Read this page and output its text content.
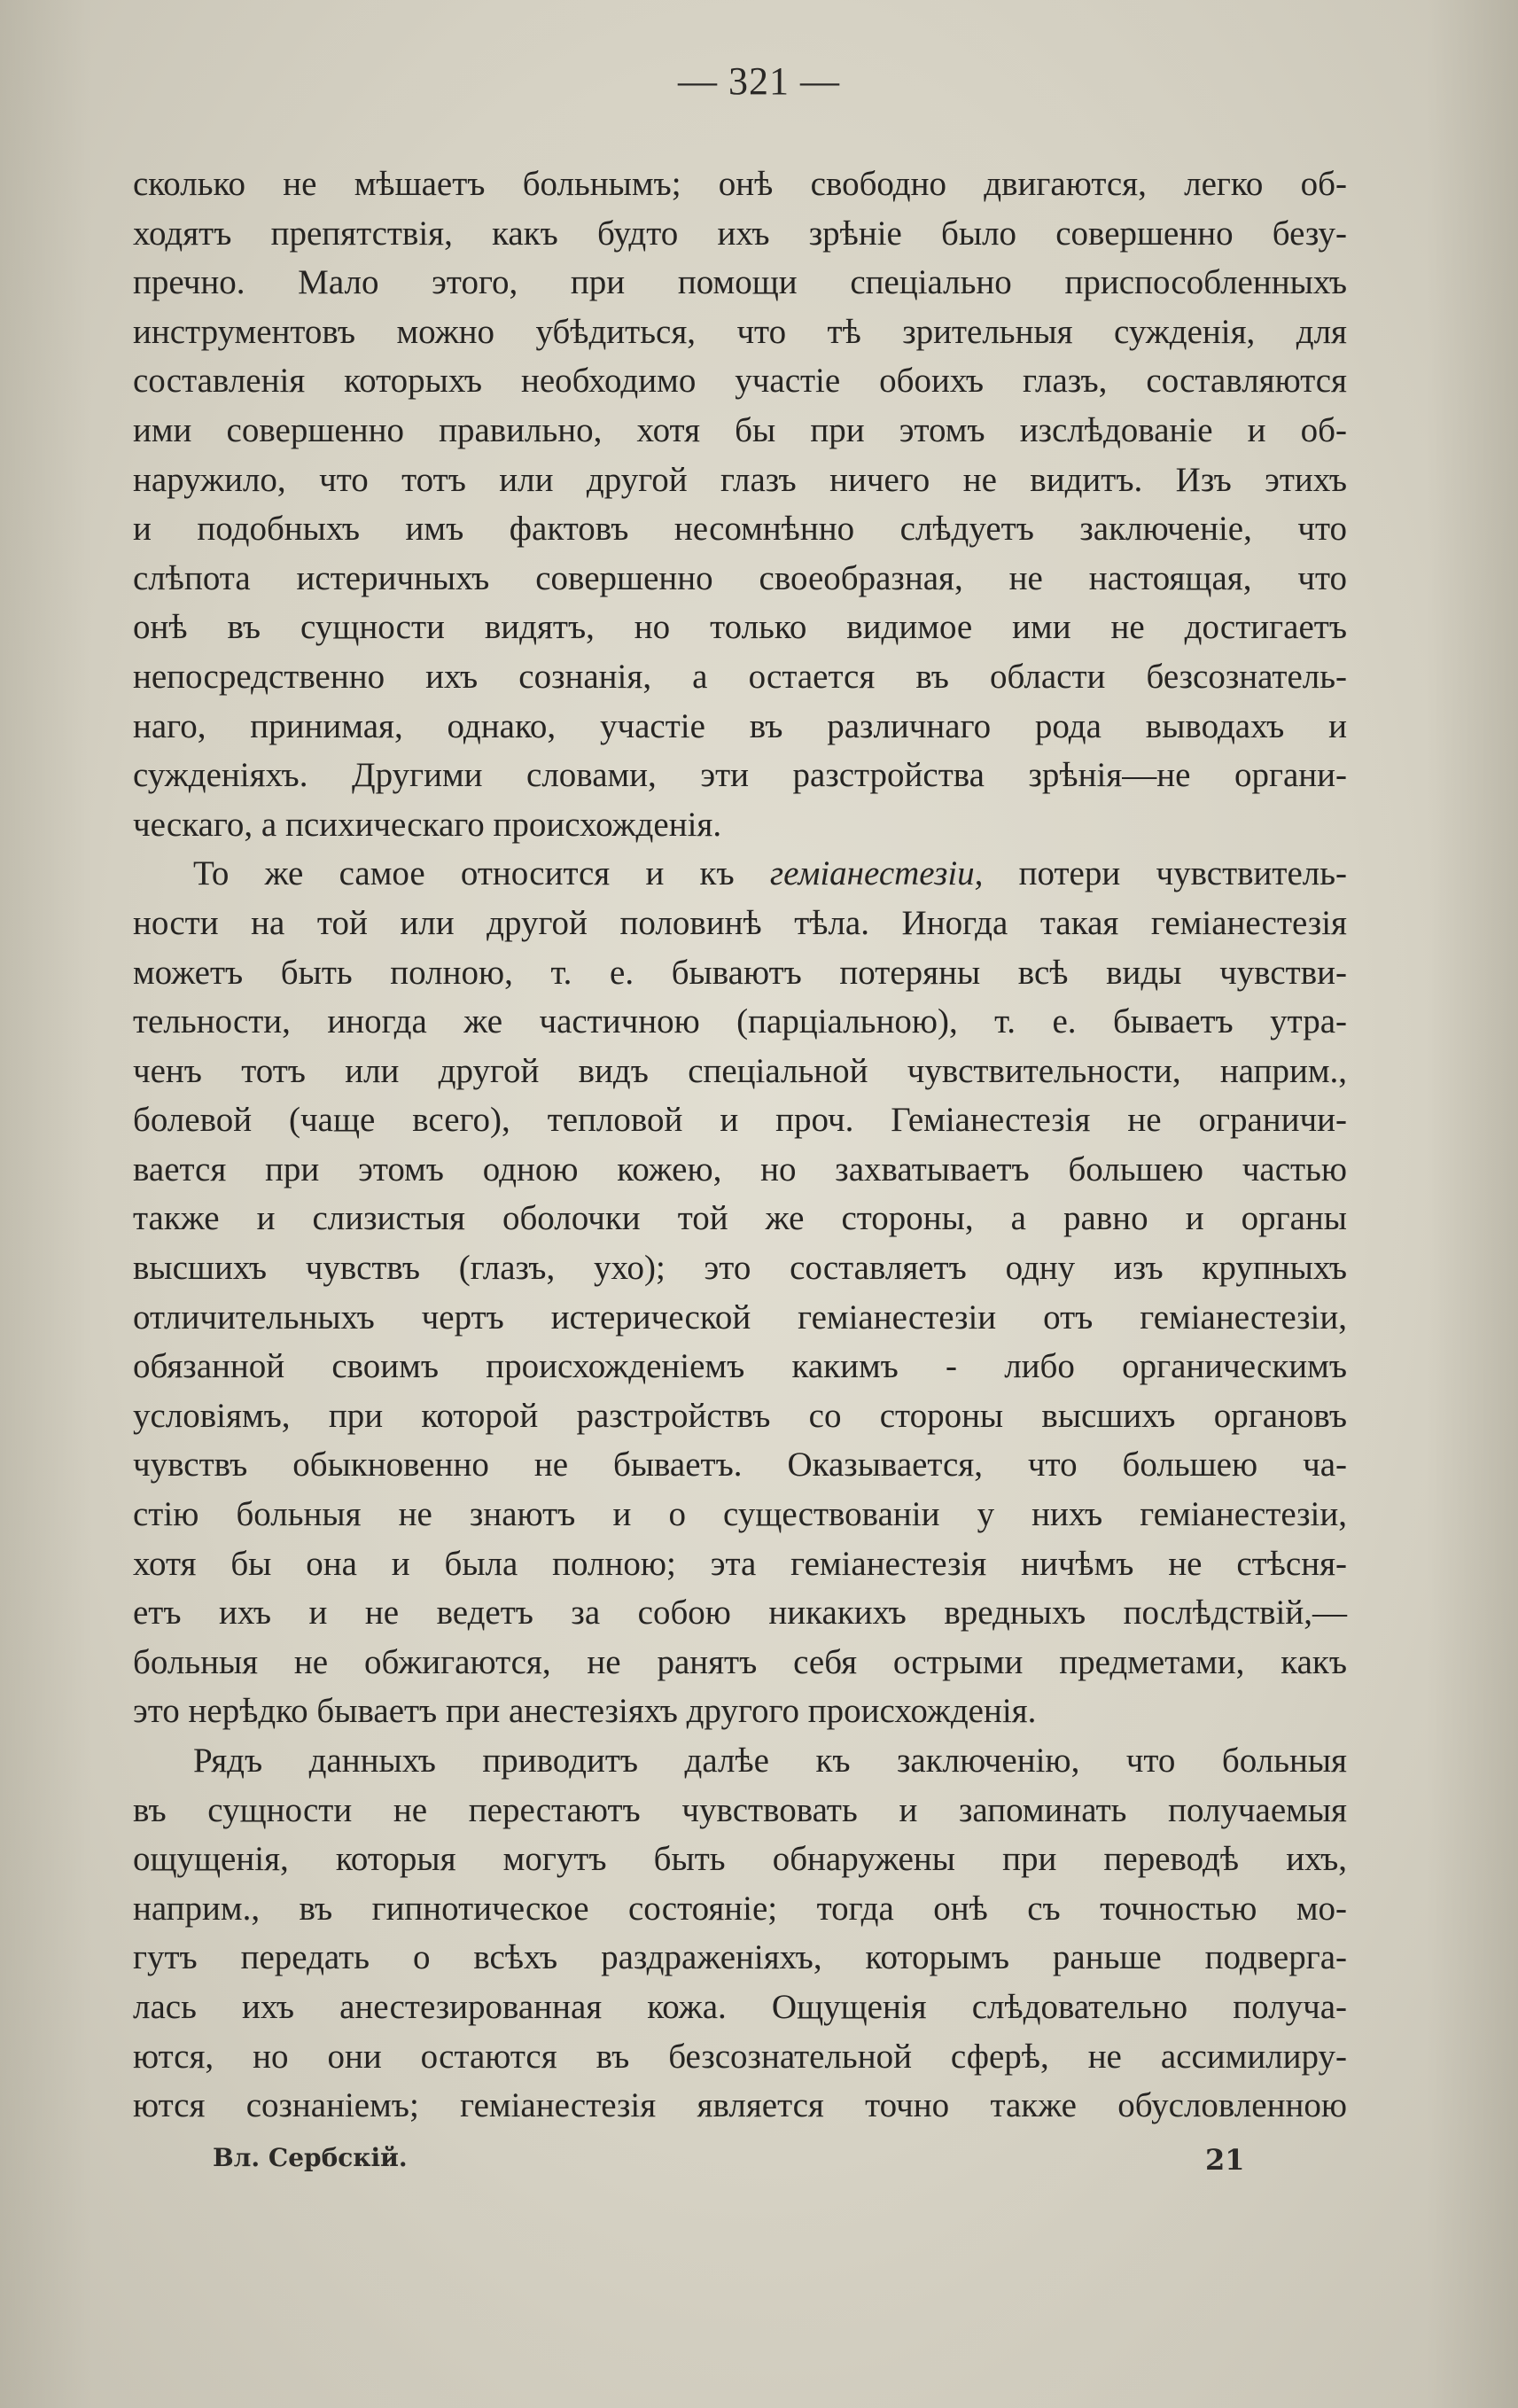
— 321 —
сколько не мѣшаетъ больнымъ; онѣ свободно двигаются, легко об-
ходятъ препятствія, какъ будто ихъ зрѣніе было совершенно безу-
пречно. Мало этого, при помощи спеціально приспособленныхъ
инструментовъ можно убѣдиться, что тѣ зрительныя сужденія, для
составленія которыхъ необходимо участіе обоихъ глазъ, составляются
ими совершенно правильно, хотя бы при этомъ изслѣдованіе и об-
наружило, что тотъ или другой глазъ ничего не видитъ. Изъ этихъ
и подобныхъ имъ фактовъ несомнѣнно слѣдуетъ заключеніе, что
слѣпота истеричныхъ совершенно своеобразная, не настоящая, что
онѣ въ сущности видятъ, но только видимое ими не достигаетъ
непосредственно ихъ сознанія, а остается въ области безсознатель-
наго, принимая, однако, участіе въ различнаго рода выводахъ и
сужденіяхъ. Другими словами, эти разстройства зрѣнія—не органи-
ческаго, а психическаго происхожденія.
То же самое относится и къ геміанестезіи, потери чувствитель-
ности на той или другой половинѣ тѣла. Иногда такая геміанестезія
можетъ быть полною, т. е. бываютъ потеряны всѣ виды чувстви-
тельности, иногда же частичною (парціальною), т. е. бываетъ утра-
ченъ тотъ или другой видъ спеціальной чувствительности, наприм.,
болевой (чаще всего), тепловой и проч. Геміанестезія не ограничи-
вается при этомъ одною кожею, но захватываетъ большею частью
также и слизистыя оболочки той же стороны, а равно и органы
высшихъ чувствъ (глазъ, ухо); это составляетъ одну изъ крупныхъ
отличительныхъ чертъ истерической геміанестезіи отъ геміанестезіи,
обязанной своимъ происхожденіемъ какимъ - либо органическимъ
условіямъ, при которой разстройствъ со стороны высшихъ органовъ
чувствъ обыкновенно не бываетъ. Оказывается, что большею ча-
стію больныя не знаютъ и о существованіи у нихъ геміанестезіи,
хотя бы она и была полною; эта геміанестезія ничѣмъ не стѣсня-
етъ ихъ и не ведетъ за собою никакихъ вредныхъ послѣдствій,—
больныя не обжигаются, не ранятъ себя острыми предметами, какъ
это нерѣдко бываетъ при анестезіяхъ другого происхожденія.
Рядъ данныхъ приводитъ далѣе къ заключенію, что больныя
въ сущности не перестаютъ чувствовать и запоминать получаемыя
ощущенія, которыя могутъ быть обнаружены при переводѣ ихъ,
наприм., въ гипнотическое состояніе; тогда онѣ съ точностью мо-
гутъ передать о всѣхъ раздраженіяхъ, которымъ раньше подверга-
лась ихъ анестезированная кожа. Ощущенія слѣдовательно получа-
ются, но они остаются въ безсознательной сферѣ, не ассимилиру-
ются сознаніемъ; геміанестезія является точно также обусловленною
Вл. Сербскій.	21
